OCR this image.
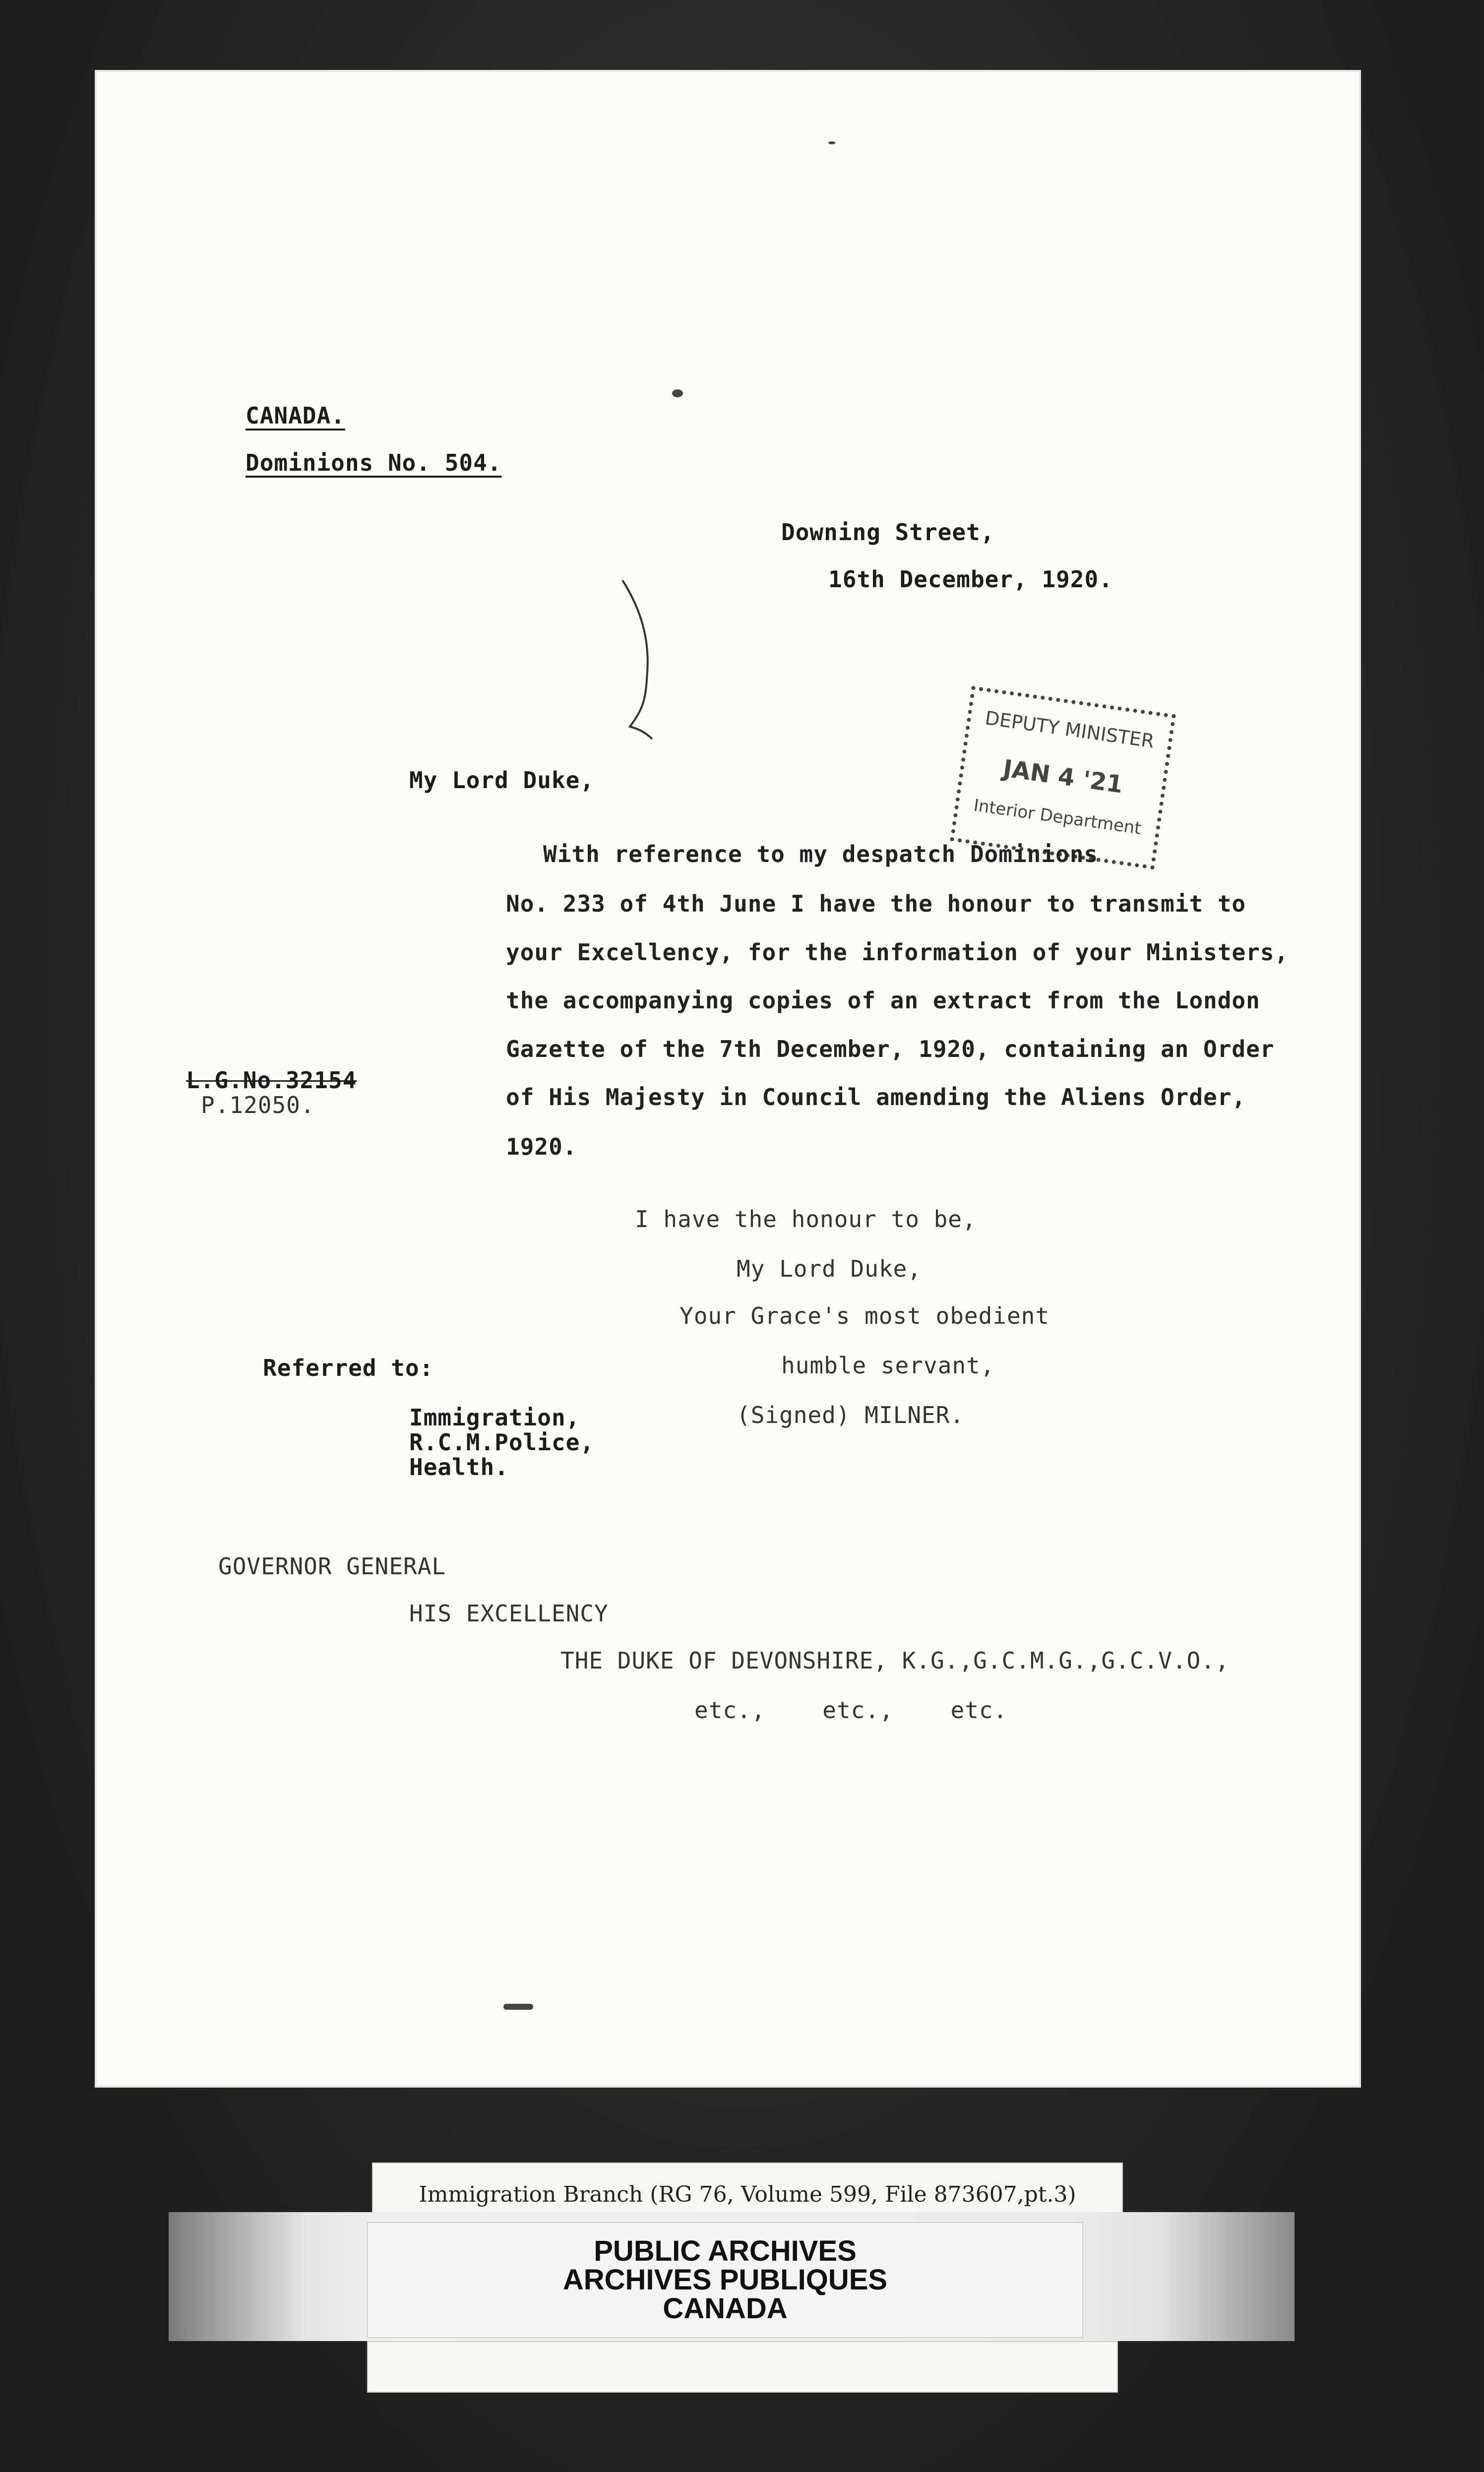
CANADA.
Dominions No. 504.
Downing Street,
16th December, 1920.
DEPUTY MINISTER
JAN 4 '21
Interior Department
My Lord Duke,
With reference to my despatch Dominions
No. 233 of 4th June I have the honour to transmit to
your Excellency, for the information of your Ministers,
the accompanying copies of an extract from the London
Gazette of the 7th December, 1920, containing an Order
of His Majesty in Council amending the Aliens Order,
1920.
L.G.No.32154
P.12050.
I have the honour to be,
My Lord Duke,
Your Grace's most obedient
humble servant,
(Signed) MILNER.
Referred to:
Immigration,
R.C.M.Police,
Health.
GOVERNOR GENERAL
HIS EXCELLENCY
THE DUKE OF DEVONSHIRE, K.G.,G.C.M.G.,G.C.V.O.,
etc.,    etc.,    etc.
Immigration Branch (RG 76, Volume 599, File 873607,pt.3)
PUBLIC ARCHIVES
ARCHIVES PUBLIQUES
CANADA
